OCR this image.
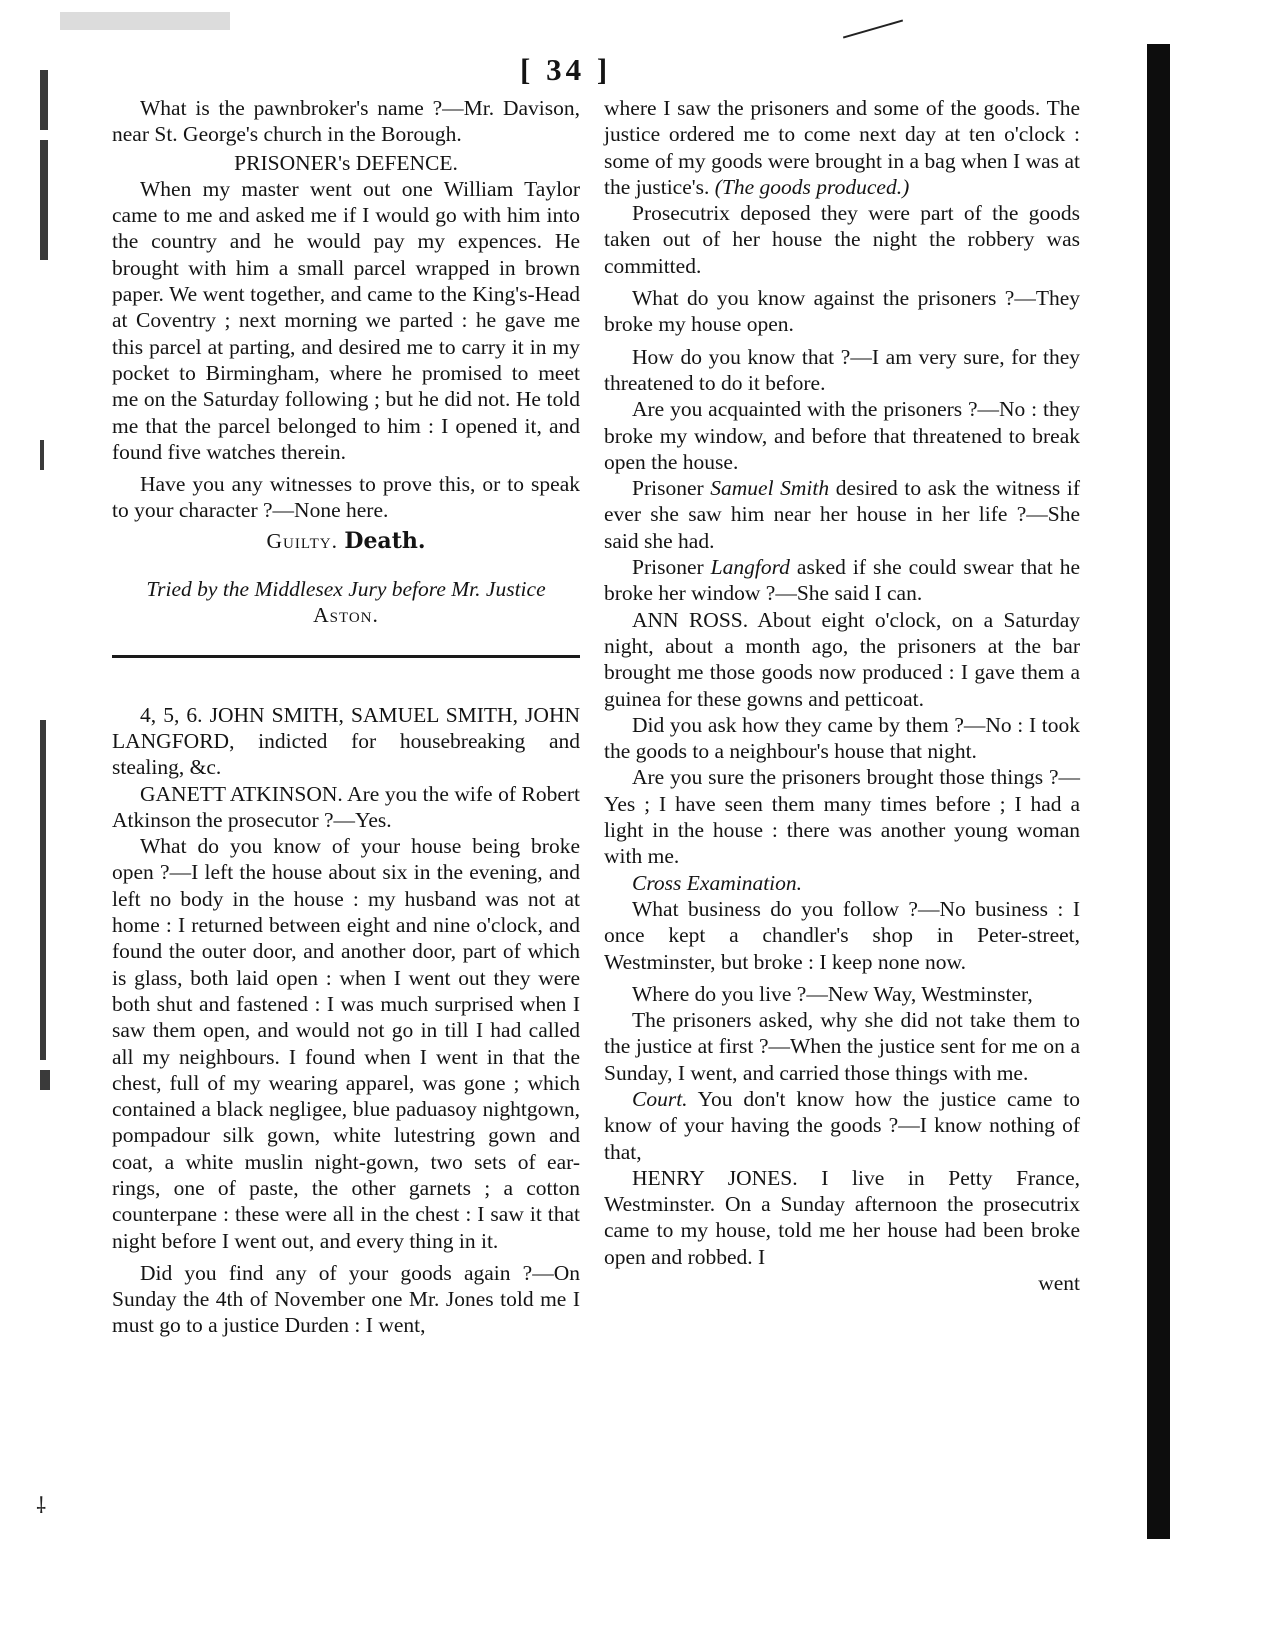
[ 34 ]
⸸

What is the pawnbroker's name ?—Mr. Davison, near St. George's church in the Borough.

PRISONER's DEFENCE.

When my master went out one William Taylor came to me and asked me if I would go with him into the country and he would pay my expences. He brought with him a small parcel wrapped in brown paper. We went together, and came to the King's-Head at Coventry ; next morning we parted : he gave me this parcel at parting, and desired me to carry it in my pocket to Birmingham, where he promised to meet me on the Saturday following ; but he did not. He told me that the parcel belonged to him : I opened it, and found five watches therein.

Have you any witnesses to prove this, or to speak to your character ?—None here.

Guilty. Death.

Tried by the Middlesex Jury before Mr. Justice

Aston.

4, 5, 6. JOHN SMITH, SAMUEL SMITH, JOHN LANGFORD, indicted for housebreaking and stealing, &c.

GANETT ATKINSON. Are you the wife of Robert Atkinson the prosecutor ?—Yes.

What do you know of your house being broke open ?—I left the house about six in the evening, and left no body in the house : my husband was not at home : I returned between eight and nine o'clock, and found the outer door, and another door, part of which is glass, both laid open : when I went out they were both shut and fastened : I was much surprised when I saw them open, and would not go in till I had called all my neighbours. I found when I went in that the chest, full of my wearing apparel, was gone ; which contained a black negligee, blue paduasoy nightgown, pompadour silk gown, white lutestring gown and coat, a white muslin night-gown, two sets of ear-rings, one of paste, the other garnets ; a cotton counterpane : these were all in the chest : I saw it that night before I went out, and every thing in it.

Did you find any of your goods again ?—On Sunday the 4th of November one Mr. Jones told me I must go to a justice Durden : I went,

where I saw the prisoners and some of the goods. The justice ordered me to come next day at ten o'clock : some of my goods were brought in a bag when I was at the justice's. (The goods produced.)

Prosecutrix deposed they were part of the goods taken out of her house the night the robbery was committed.

What do you know against the prisoners ?—They broke my house open.

How do you know that ?—I am very sure, for they threatened to do it before.

Are you acquainted with the prisoners ?—No : they broke my window, and before that threatened to break open the house.

Prisoner Samuel Smith desired to ask the witness if ever she saw him near her house in her life ?—She said she had.

Prisoner Langford asked if she could swear that he broke her window ?—She said I can.

ANN ROSS. About eight o'clock, on a Saturday night, about a month ago, the prisoners at the bar brought me those goods now produced : I gave them a guinea for these gowns and petticoat.

Did you ask how they came by them ?—No : I took the goods to a neighbour's house that night.

Are you sure the prisoners brought those things ?—Yes ; I have seen them many times before ; I had a light in the house : there was another young woman with me.

Cross Examination.

What business do you follow ?—No business : I once kept a chandler's shop in Peter-street, Westminster, but broke : I keep none now.

Where do you live ?—New Way, Westminster,

The prisoners asked, why she did not take them to the justice at first ?—When the justice sent for me on a Sunday, I went, and carried those things with me.

Court. You don't know how the justice came to know of your having the goods ?—I know nothing of that,

HENRY JONES. I live in Petty France, Westminster. On a Sunday afternoon the prosecutrix came to my house, told me her house had been broke open and robbed. I

went
